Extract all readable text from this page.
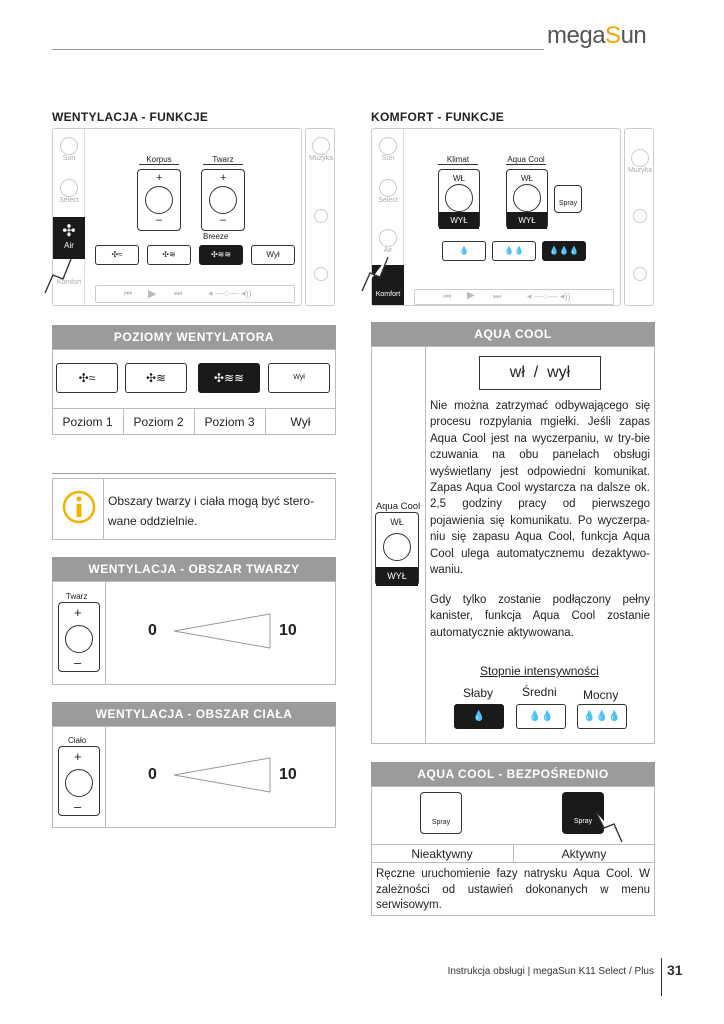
megaSun
WENTYLACJA - FUNKCJE
Sun
Select
✣
Air
Komfort
Korpus	Twarz
+
–
+
–
Breeze
✣≈	✣≋	✣≋≋	Wył
⏮ ▶ ⏭	◂ —○— ◂))
Muzyka
POZIOMY WENTYLATORA
✣≈	✣≋	✣≋≋	Wył
Poziom 1	Poziom 2	Poziom 3	Wył
Obszary twarzy i ciała mogą być stero-wane oddzielnie.
WENTYLACJA - OBSZAR TWARZY
Twarz
+
–
0	10
WENTYLACJA - OBSZAR CIAŁA
Ciało
+
–
0	10
KOMFORT - FUNKCJE
Sun
Select
Air
Komfort
Klimat	Aqua Cool
WŁ
WYŁ
WŁ
WYŁ
Spray
💧	💧💧	💧💧💧
⏮ ▶ ⏭	◂ —○— ◂))
Muzyka
AQUA COOL
Aqua Cool
WŁ
WYŁ
wł  /  wył
Nie można zatrzymać odbywającego się procesu rozpylania mgiełki. Jeśli zapas Aqua Cool jest na wyczerpaniu, w try-bie czuwania na obu panelach obsługi wyświetlany jest odpowiedni komunikat. Zapas Aqua Cool wystarcza na dalsze ok. 2,5 godziny pracy od pierwszego pojawienia się komunikatu. Po wyczerpa-niu się zapasu Aqua Cool, funkcja Aqua Cool ulega automatycznemu dezaktywo-waniu.
Gdy tylko zostanie podłączony pełny kanister, funkcja Aqua Cool zostanie automatycznie aktywowana.
Stopnie intensywności
Słaby Średni Mocny
💧	💧💧	💧💧💧
AQUA COOL - BEZPOŚREDNIO
Spray	Spray
Nieaktywny	Aktywny
Ręczne uruchomienie fazy natrysku Aqua Cool. W zależności od ustawień dokonanych w menu serwisowym.
Instrukcja obsługi | megaSun K11 Select / Plus 31
